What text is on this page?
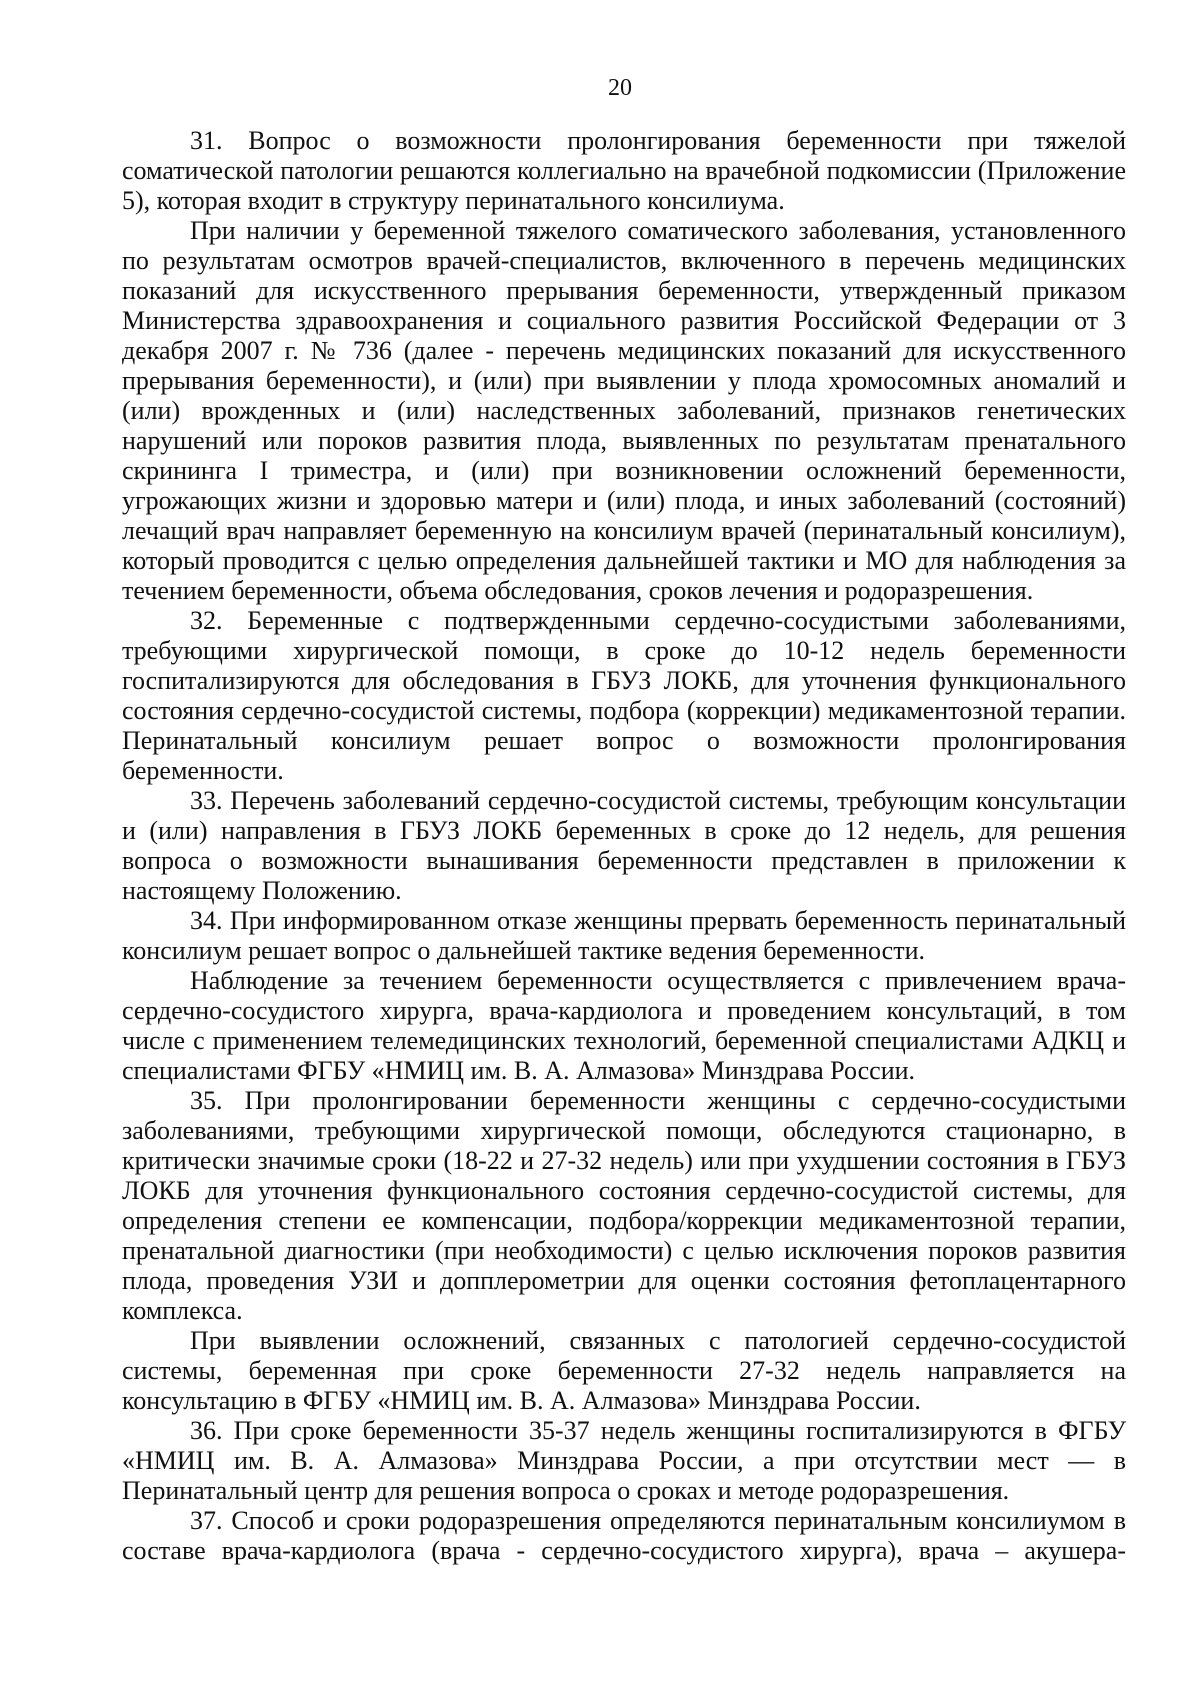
20

31. Вопрос о возможности пролонгирования беременности при тяжелой соматической патологии решаются коллегиально на врачебной подкомиссии (Приложение 5), которая входит в структуру перинатального консилиума.

При наличии у беременной тяжелого соматического заболевания, установленного по результатам осмотров врачей-специалистов, включенного в перечень медицинских показаний для искусственного прерывания беременности, утвержденный приказом Министерства здравоохранения и социального развития Российской Федерации от 3 декабря 2007 г. № 736 (далее - перечень медицинских показаний для искусственного прерывания беременности), и (или) при выявлении у плода хромосомных аномалий и (или) врожденных и (или) наследственных заболеваний, признаков генетических нарушений или пороков развития плода, выявленных по результатам пренатального скрининга I триместра, и (или) при возникновении осложнений беременности, угрожающих жизни и здоровью матери и (или) плода, и иных заболеваний (состояний) лечащий врач направляет беременную на консилиум врачей (перинатальный консилиум), который проводится с целью определения дальнейшей тактики и МО для наблюдения за течением беременности, объема обследования, сроков лечения и родоразрешения.

32. Беременные с подтвержденными сердечно-сосудистыми заболеваниями, требующими хирургической помощи, в сроке до 10-12 недель беременности госпитализируются для обследования в ГБУЗ ЛОКБ, для уточнения функционального состояния сердечно-сосудистой системы, подбора (коррекции) медикаментозной терапии. Перинатальный консилиум решает вопрос о возможности пролонгирования беременности.

33. Перечень заболеваний сердечно-сосудистой системы, требующим консультации и (или) направления в ГБУЗ ЛОКБ беременных в сроке до 12 недель, для решения вопроса о возможности вынашивания беременности представлен в приложении к настоящему Положению.

34. При информированном отказе женщины прервать беременность перинатальный консилиум решает вопрос о дальнейшей тактике ведения беременности.

Наблюдение за течением беременности осуществляется с привлечением врача-сердечно-сосудистого хирурга, врача-кардиолога и проведением консультаций, в том числе с применением телемедицинских технологий, беременной специалистами АДКЦ и специалистами ФГБУ «НМИЦ им. В. А. Алмазова» Минздрава России.

35. При пролонгировании беременности женщины с сердечно-сосудистыми заболеваниями, требующими хирургической помощи, обследуются стационарно, в критически значимые сроки (18-22 и 27-32 недель) или при ухудшении состояния в ГБУЗ ЛОКБ для уточнения функционального состояния сердечно-сосудистой системы, для определения степени ее компенсации, подбора/коррекции медикаментозной терапии, пренатальной диагностики (при необходимости) с целью исключения пороков развития плода, проведения УЗИ и допплерометрии для оценки состояния фетоплацентарного комплекса.

При выявлении осложнений, связанных с патологией сердечно-сосудистой системы, беременная при сроке беременности 27-32 недель направляется на консультацию в ФГБУ «НМИЦ им. В. А. Алмазова» Минздрава России.

36. При сроке беременности 35-37 недель женщины госпитализируются в ФГБУ «НМИЦ им. В. А. Алмазова» Минздрава России, а при отсутствии мест — в Перинатальный центр для решения вопроса о сроках и методе родоразрешения.

37. Способ и сроки родоразрешения определяются перинатальным консилиумом в составе врача-кардиолога (врача - сердечно-сосудистого хирурга), врача – акушера-
